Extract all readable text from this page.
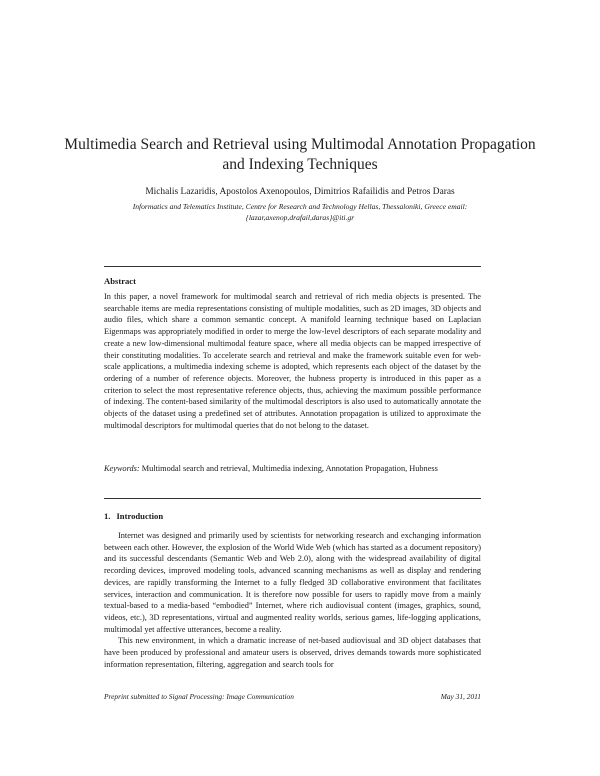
Multimedia Search and Retrieval using Multimodal Annotation Propagation and Indexing Techniques
Michalis Lazaridis, Apostolos Axenopoulos, Dimitrios Rafailidis and Petros Daras
Informatics and Telematics Institute, Centre for Research and Technology Hellas, Thessaloniki, Greece email: {lazar,axenop,drafail,daras}@iti.gr
Abstract
In this paper, a novel framework for multimodal search and retrieval of rich media objects is presented. The searchable items are media representations consisting of multiple modalities, such as 2D images, 3D objects and audio files, which share a common semantic concept. A manifold learning technique based on Laplacian Eigenmaps was appropriately modified in order to merge the low-level descriptors of each separate modality and create a new low-dimensional multimodal feature space, where all media objects can be mapped irrespective of their constituting modalities. To accelerate search and retrieval and make the framework suitable even for web-scale applications, a multimedia indexing scheme is adopted, which represents each object of the dataset by the ordering of a number of reference objects. Moreover, the hubness property is introduced in this paper as a criterion to select the most representative reference objects, thus, achieving the maximum possible performance of indexing. The content-based similarity of the multimodal descriptors is also used to automatically annotate the objects of the dataset using a predefined set of attributes. Annotation propagation is utilized to approximate the multimodal descriptors for multimodal queries that do not belong to the dataset.
Keywords: Multimodal search and retrieval, Multimedia indexing, Annotation Propagation, Hubness
1. Introduction

Internet was designed and primarily used by scientists for networking research and exchanging information between each other. However, the explosion of the World Wide Web (which has started as a document repository) and its successful descendants (Semantic Web and Web 2.0), along with the widespread availability of digital recording devices, improved modeling tools, advanced scanning mechanisms as well as display and rendering devices, are rapidly transforming the Internet to a fully fledged 3D collaborative environment that facilitates services, interaction and communication. It is therefore now possible for users to rapidly move from a mainly textual-based to a media-based “embodied” Internet, where rich audiovisual content (images, graphics, sound, videos, etc.), 3D representations, virtual and augmented reality worlds, serious games, life-logging applications, multimodal yet affective utterances, become a reality.

This new environment, in which a dramatic increase of net-based audiovisual and 3D object databases that have been produced by professional and amateur users is observed, drives demands towards more sophisticated information representation, filtering, aggregation and search tools for

Preprint submitted to Signal Processing: Image Communication	May 31, 2011
